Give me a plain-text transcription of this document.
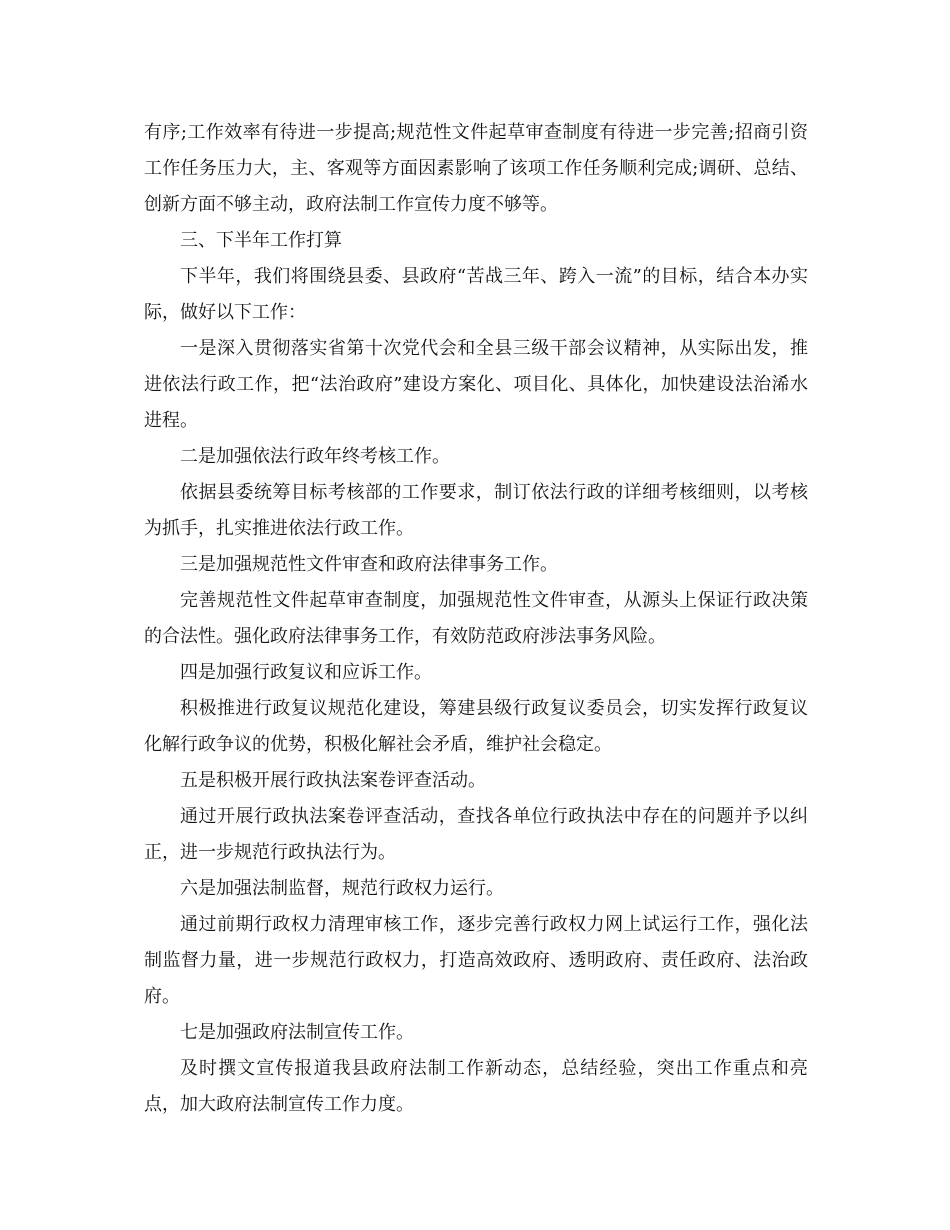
有序;工作效率有待进一步提高;规范性文件起草审查制度有待进一步完善;招商引资工作任务压力大，主、客观等方面因素影响了该项工作任务顺利完成;调研、总结、创新方面不够主动，政府法制工作宣传力度不够等。

三、下半年工作打算

下半年，我们将围绕县委、县政府“苦战三年、跨入一流”的目标，结合本办实际，做好以下工作：

一是深入贯彻落实省第十次党代会和全县三级干部会议精神，从实际出发，推进依法行政工作，把“法治政府”建设方案化、项目化、具体化，加快建设法治浠水进程。

二是加强依法行政年终考核工作。

依据县委统筹目标考核部的工作要求，制订依法行政的详细考核细则，以考核为抓手，扎实推进依法行政工作。

三是加强规范性文件审查和政府法律事务工作。

完善规范性文件起草审查制度，加强规范性文件审查，从源头上保证行政决策的合法性。强化政府法律事务工作，有效防范政府涉法事务风险。

四是加强行政复议和应诉工作。

积极推进行政复议规范化建设，筹建县级行政复议委员会，切实发挥行政复议化解行政争议的优势，积极化解社会矛盾，维护社会稳定。

五是积极开展行政执法案卷评查活动。

通过开展行政执法案卷评查活动，查找各单位行政执法中存在的问题并予以纠正，进一步规范行政执法行为。

六是加强法制监督，规范行政权力运行。

通过前期行政权力清理审核工作，逐步完善行政权力网上试运行工作，强化法制监督力量，进一步规范行政权力，打造高效政府、透明政府、责任政府、法治政府。

七是加强政府法制宣传工作。

及时撰文宣传报道我县政府法制工作新动态，总结经验，突出工作重点和亮点，加大政府法制宣传工作力度。
